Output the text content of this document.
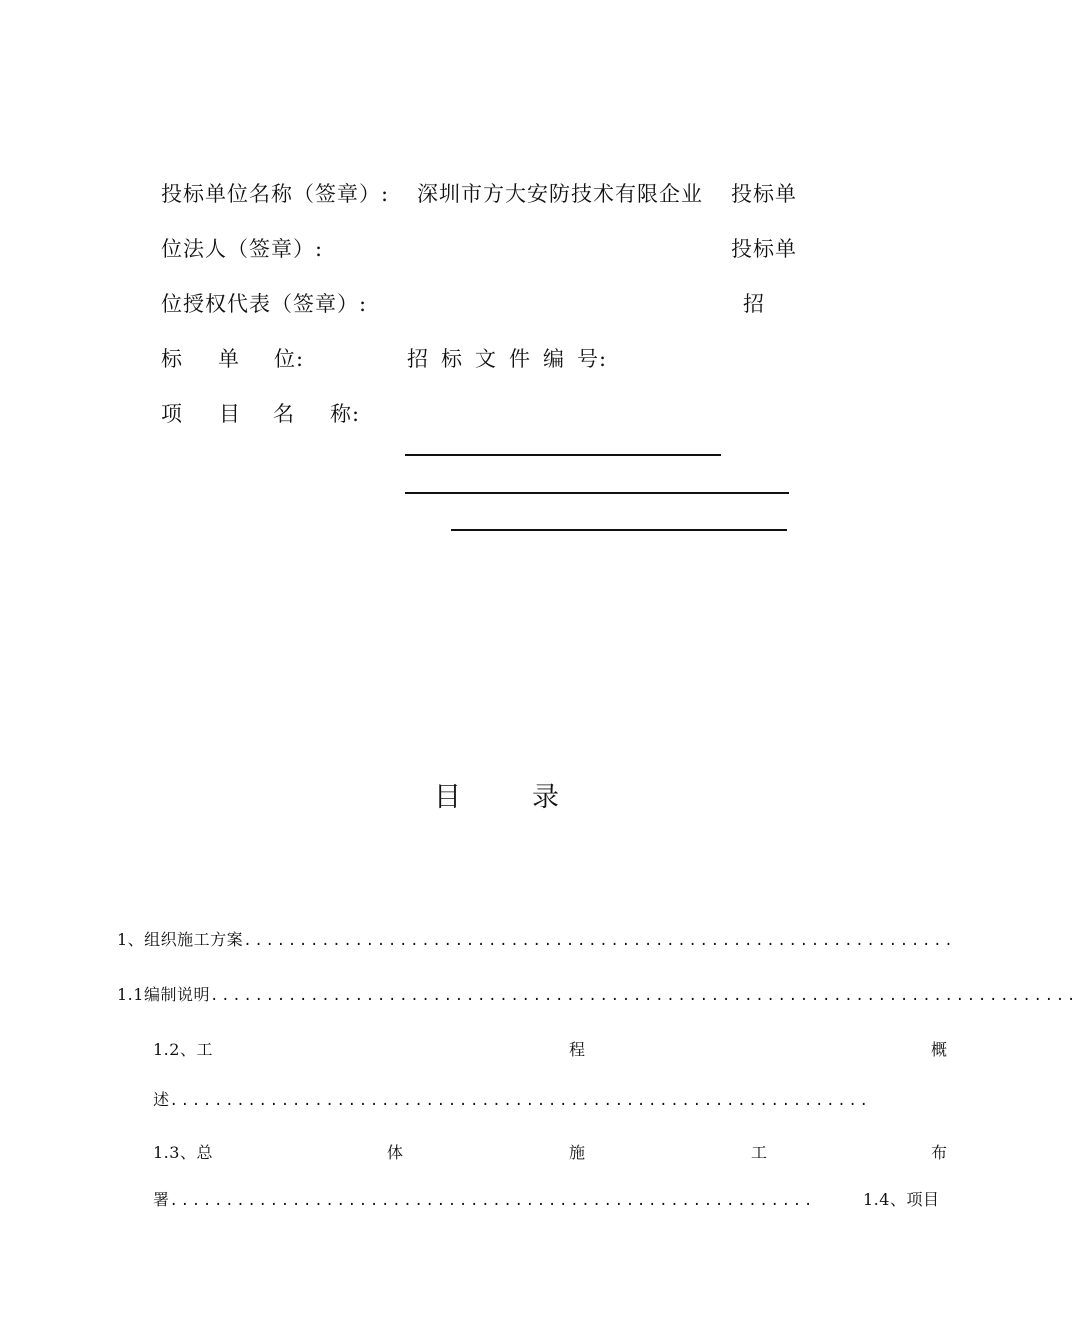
投标单位名称（签章）: 深圳市方大安防技术有限企业 投标单
位法人（签章）:	投标单
位授权代表（签章）:	招
标 单 位:	招 标 文 件 编 号:
项 目 名 称:
目	录
1、组织施工方案................................................................
1.1编制说明..............................................................................
1.2、工	程	概
述...............................................................
1.3、总	体	施	工	布
署..........................................................	1.4、项目
